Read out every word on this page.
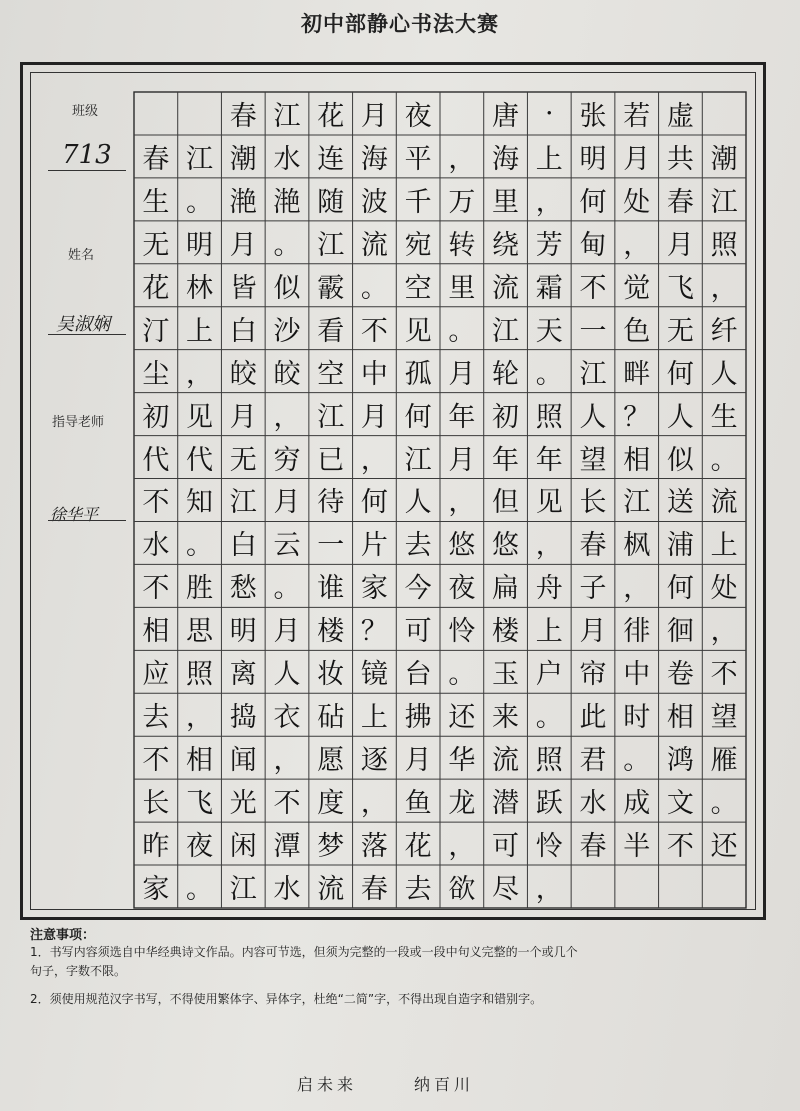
初中部静心书法大赛
班级
713
姓名
吴淑娴
指导老师
徐华平
春 江 花 月 夜	唐 · 张 若 虚
春 江 潮 水 连 海 平 ， 海 上 明 月 共 潮
生 。 滟 滟 随 波 千 万 里 ， 何 处 春 江
无 明 月 。 江 流 宛 转 绕 芳 甸 ， 月 照
花 林 皆 似 霰 。 空 里 流 霜 不 觉 飞 ，
汀 上 白 沙 看 不 见 。 江 天 一 色 无 纤
尘 ， 皎 皎 空 中 孤 月 轮 。 江 畔 何 人
初 见 月 ， 江 月 何 年 初 照 人 ？ 人 生
代 代 无 穷 已 ， 江 月 年 年 望 相 似 。
不 知 江 月 待 何 人 ， 但 见 长 江 送 流
水 。 白 云 一 片 去 悠 悠 ， 春 枫 浦 上
不 胜 愁 。 谁 家 今 夜 扁 舟 子 ， 何 处
相 思 明 月 楼 ？ 可 怜 楼 上 月 徘 徊 ，
应 照 离 人 妆 镜 台 。 玉 户 帘 中 卷 不
去 ， 捣 衣 砧 上 拂 还 来 。 此 时 相 望
不 相 闻 ， 愿 逐 月 华 流 照 君 。 鸿 雁
长 飞 光 不 度 ， 鱼 龙 潜 跃 水 成 文 。
昨 夜 闲 潭 梦 落 花 ， 可 怜 春 半 不 还
家 。 江 水 流 春 去 欲 尽 ，
注意事项：
1．书写内容须选自中华经典诗文作品。内容可节选，但须为完整的一段或一段中句义完整的一个或几个
句子，字数不限。
2．须使用规范汉字书写，不得使用繁体字、异体字，杜绝“二简”字，不得出现自造字和错别字。
启未来	纳百川
